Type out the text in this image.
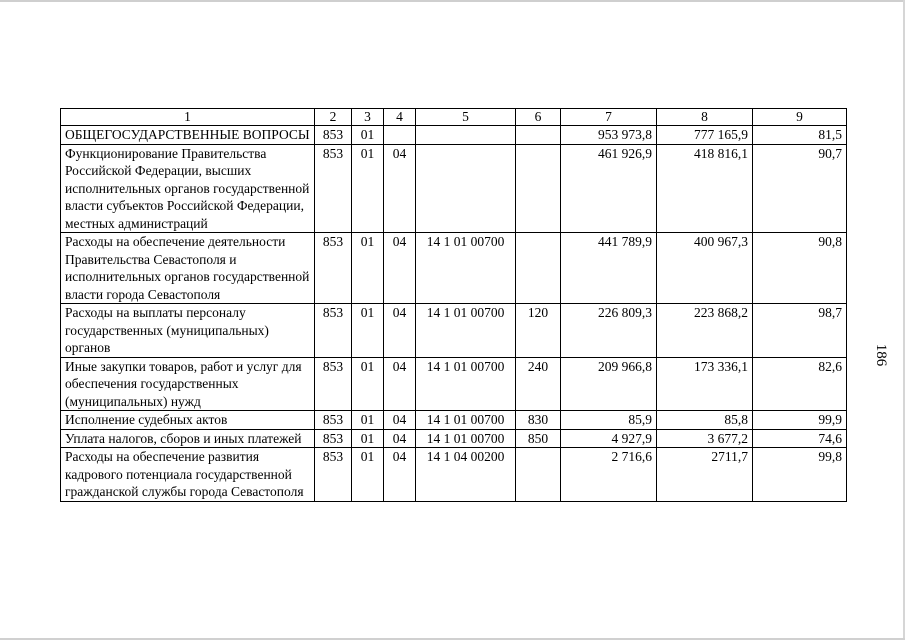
186
1	2	3	4	5	6	7	8	9
ОБЩЕГОСУДАРСТВЕННЫЕ ВОПРОСЫ	853	01				953 973,8	777 165,9	81,5
Функционирование Правительства Российской Федерации, высших исполнительных органов государственной власти субъектов Российской Федерации, местных администраций	853	01	04			461 926,9	418 816,1	90,7
Расходы на обеспечение деятельности Правительства Севастополя и исполнительных органов государственной власти города Севастополя	853	01	04	14 1 01 00700		441 789,9	400 967,3	90,8
Расходы на выплаты персоналу государственных (муниципальных) органов	853	01	04	14 1 01 00700	120	226 809,3	223 868,2	98,7
Иные закупки товаров, работ и услуг для обеспечения государственных (муниципальных) нужд	853	01	04	14 1 01 00700	240	209 966,8	173 336,1	82,6
Исполнение судебных актов	853	01	04	14 1 01 00700	830	85,9	85,8	99,9
Уплата налогов, сборов и иных платежей	853	01	04	14 1 01 00700	850	4 927,9	3 677,2	74,6
Расходы на обеспечение развития кадрового потенциала государственной гражданской службы города Севастополя	853	01	04	14 1 04 00200		2 716,6	2711,7	99,8
